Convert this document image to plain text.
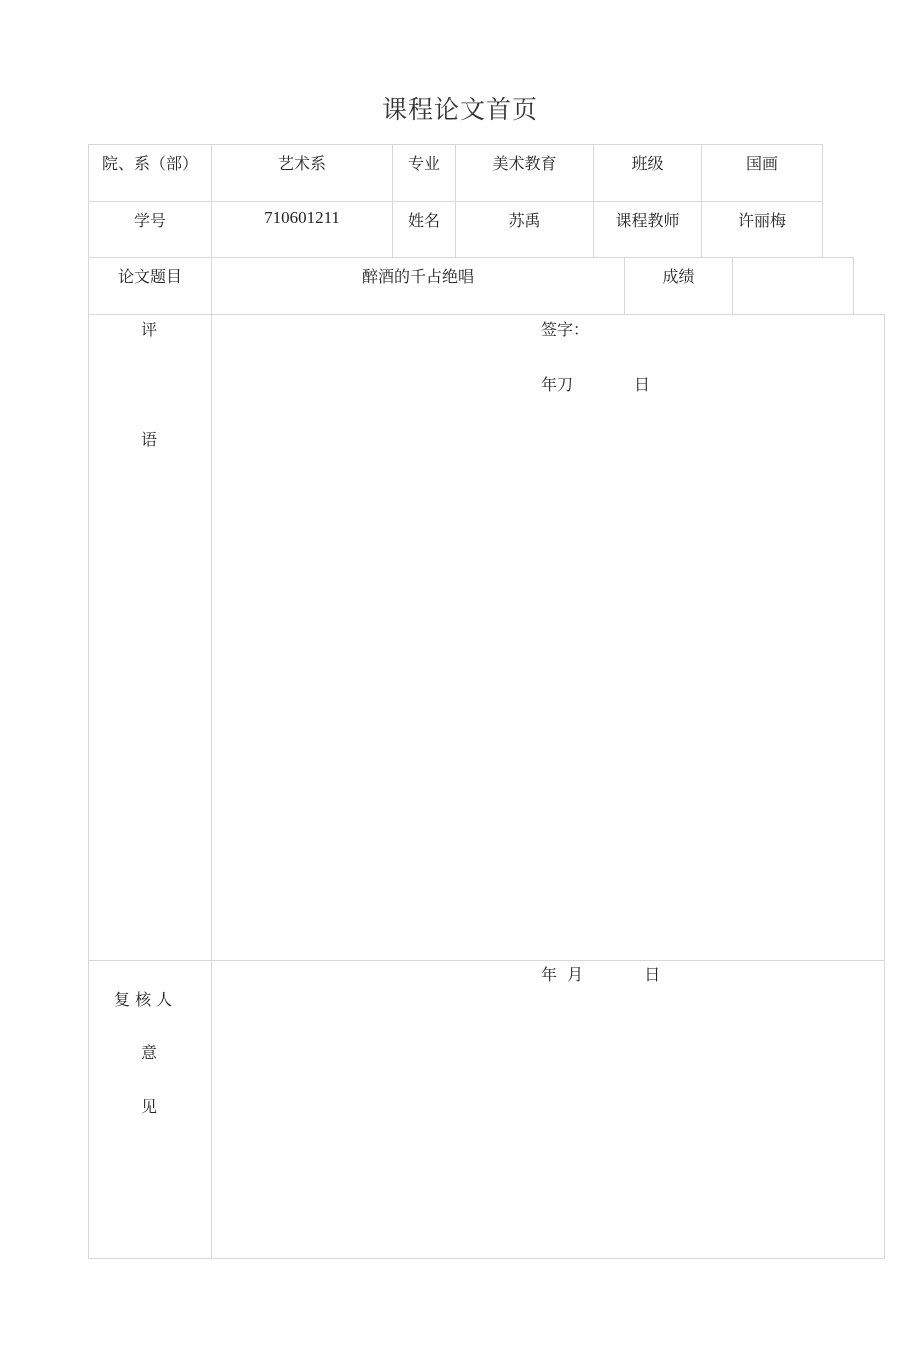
课程论文首页
院、系（部）	艺术系	专业	美术教育	班级	国画
学号	710601211	姓名	苏禹	课程教师	许丽梅
论文题目	醉酒的千占绝唱	成绩
评
语
签字：
年刀            日
复 核 人
意
见
年  月            日
